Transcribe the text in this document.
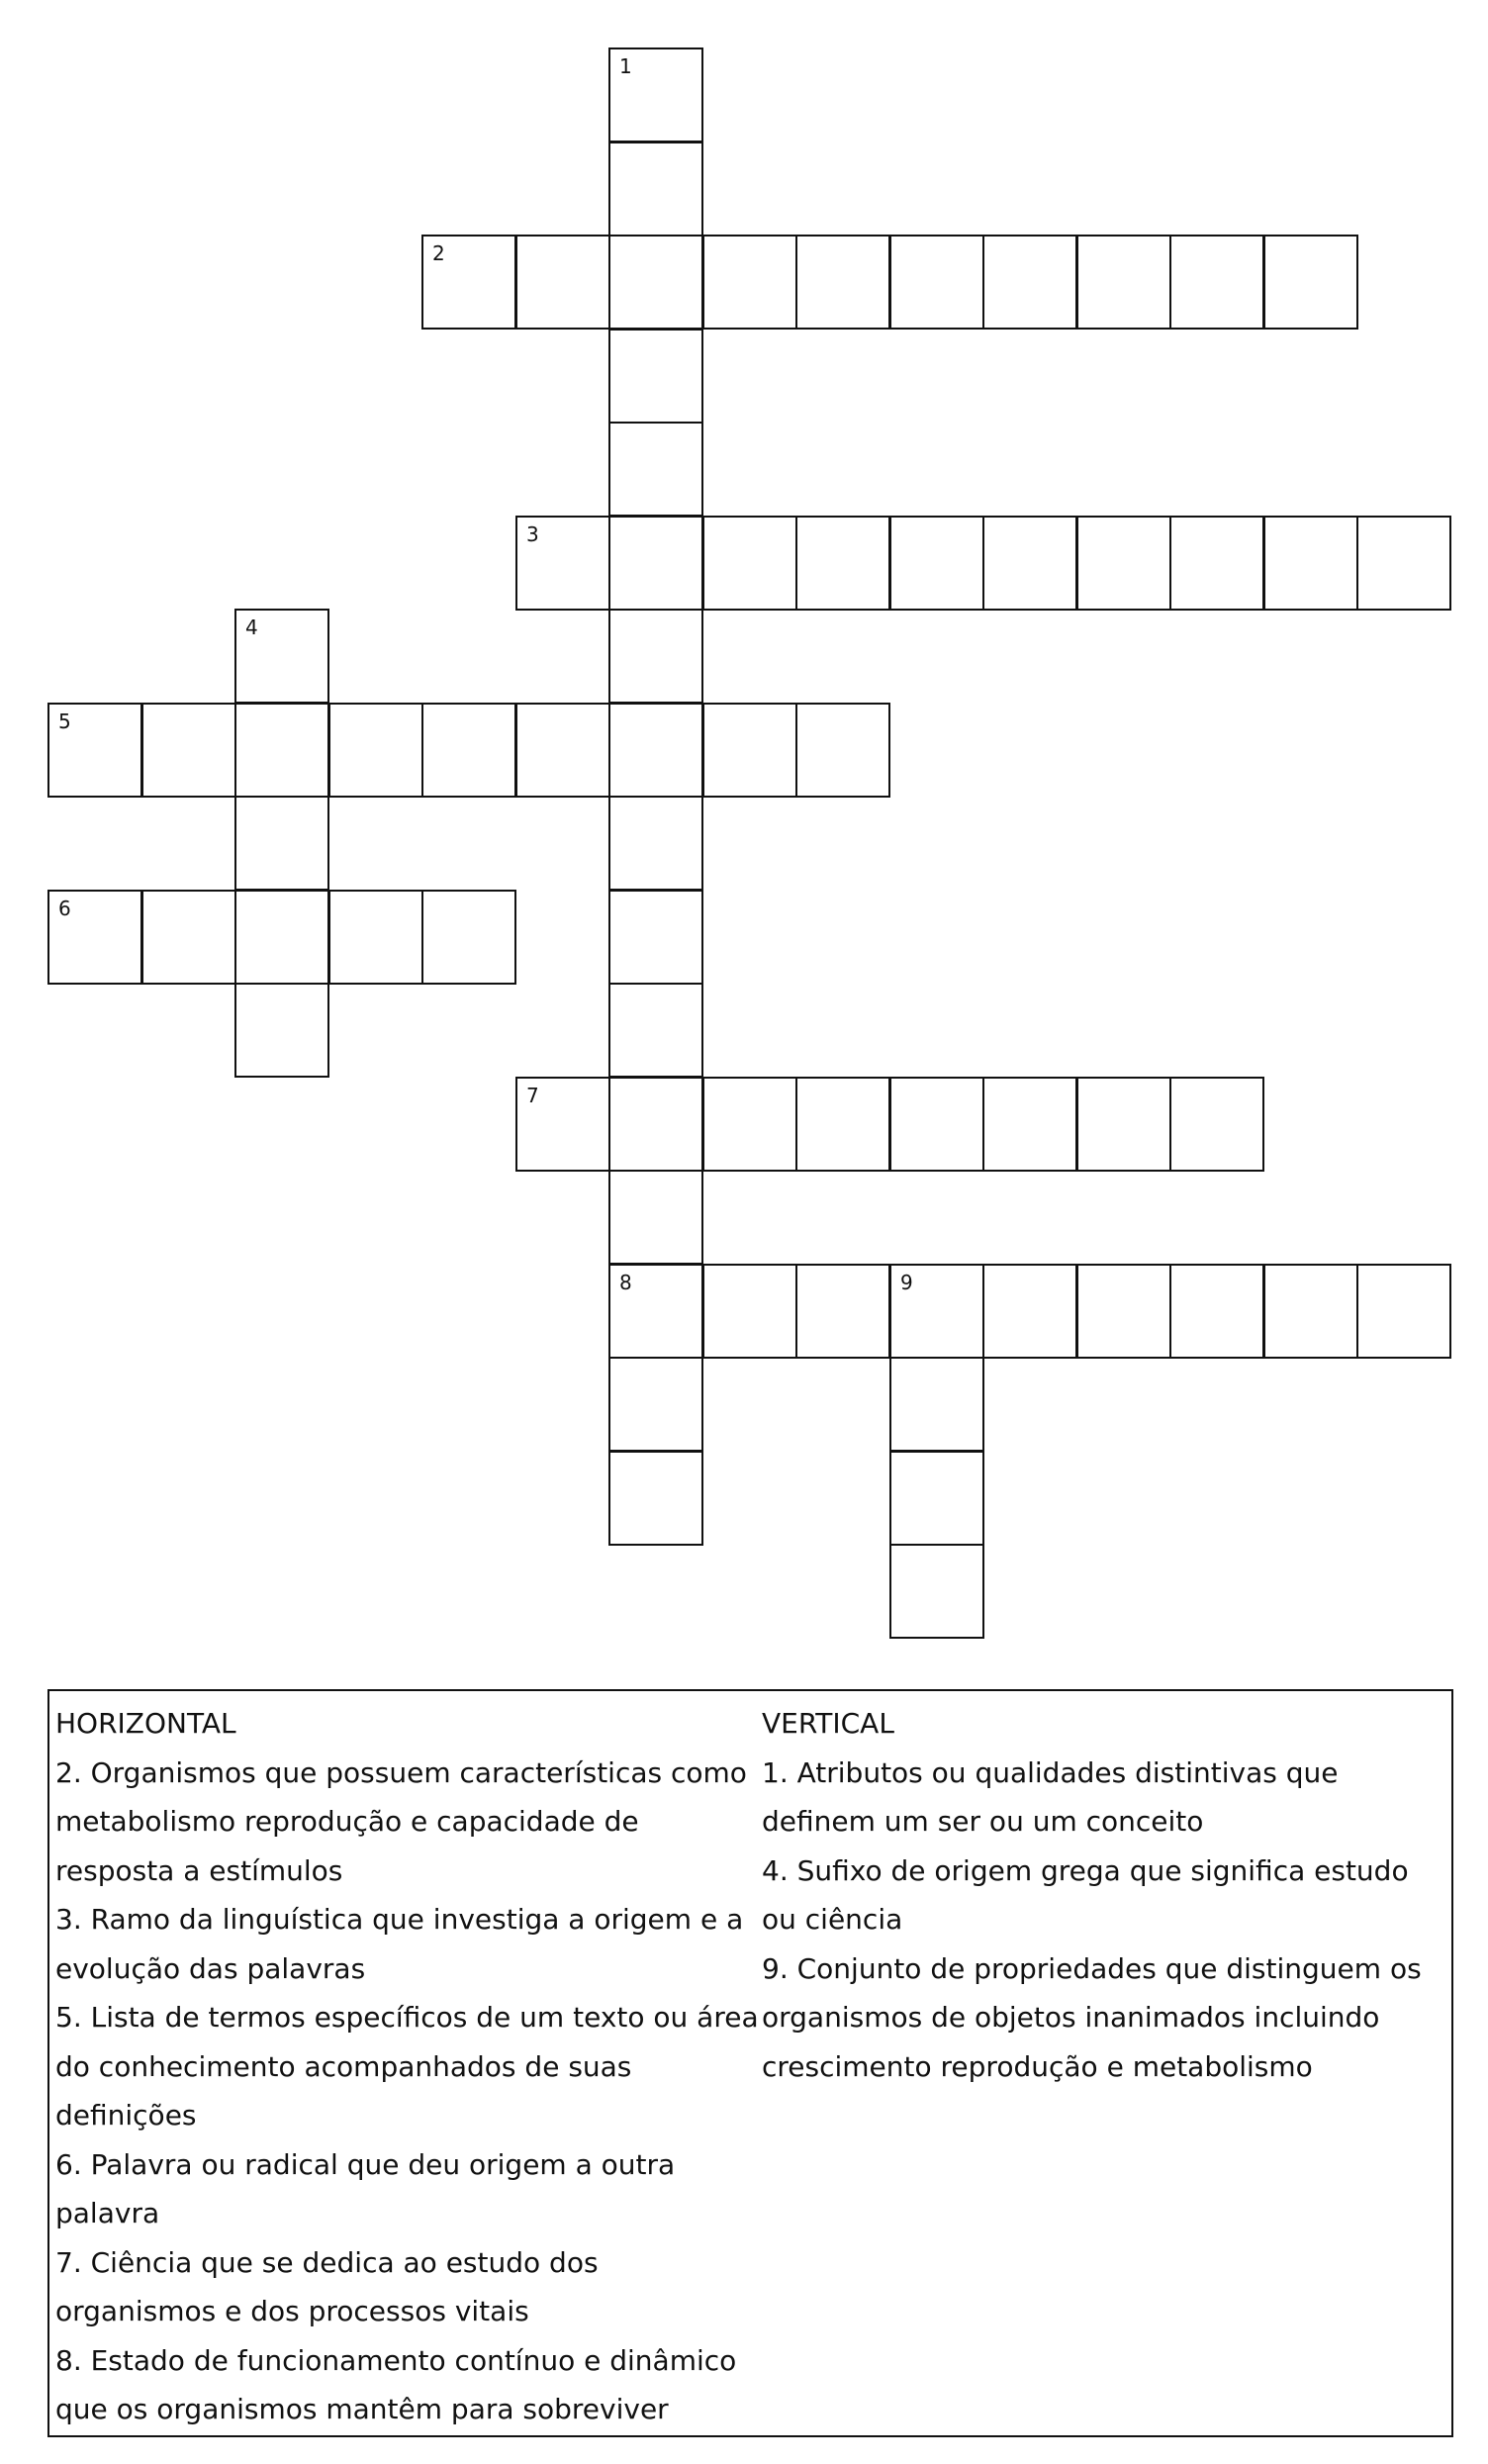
1
8
2
3
4
5
6
7
9

HORIZONTAL

2. Organismos que possuem características como metabolismo reprodução e capacidade de resposta a estímulos

3. Ramo da linguística que investiga a origem e a evolução das palavras

5. Lista de termos específicos de um texto ou área do conhecimento acompanhados de suas definições

6. Palavra ou radical que deu origem a outra palavra

7. Ciência que se dedica ao estudo dos organismos e dos processos vitais

8. Estado de funcionamento contínuo e dinâmico que os organismos mantêm para sobreviver

VERTICAL

1. Atributos ou qualidades distintivas que definem um ser ou um conceito

4. Sufixo de origem grega que significa estudo ou ciência

9. Conjunto de propriedades que distinguem os organismos de objetos inanimados incluindo crescimento reprodução e metabolismo
